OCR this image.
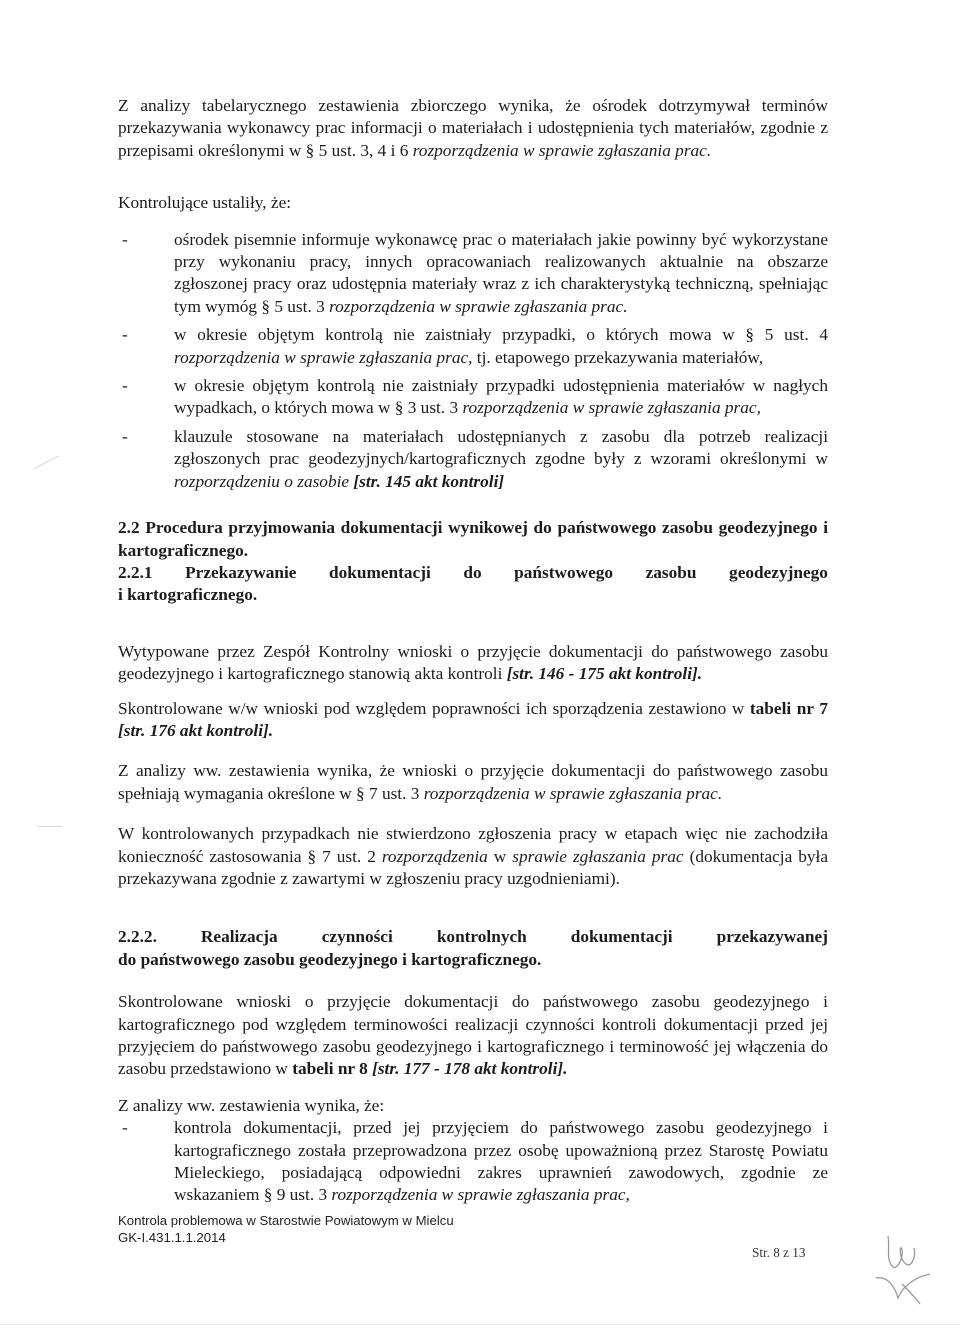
Z analizy tabelarycznego zestawienia zbiorczego wynika, że ośrodek dotrzymywał terminów przekazywania wykonawcy prac informacji o materiałach i udostępnienia tych materiałów, zgodnie z przepisami określonymi w § 5 ust. 3, 4 i 6 rozporządzenia w sprawie zgłaszania prac.

Kontrolujące ustaliły, że:

- ośrodek pisemnie informuje wykonawcę prac o materiałach jakie powinny być wykorzystane przy wykonaniu pracy, innych opracowaniach realizowanych aktualnie na obszarze zgłoszonej pracy oraz udostępnia materiały wraz z ich charakterystyką techniczną, spełniając tym wymóg § 5 ust. 3 rozporządzenia w sprawie zgłaszania prac.
- w okresie objętym kontrolą nie zaistniały przypadki, o których mowa w § 5 ust. 4 rozporządzenia w sprawie zgłaszania prac, tj. etapowego przekazywania materiałów,
- w okresie objętym kontrolą nie zaistniały przypadki udostępnienia materiałów w nagłych wypadkach, o których mowa w § 3 ust. 3 rozporządzenia w sprawie zgłaszania prac,
- klauzule stosowane na materiałach udostępnianych z zasobu dla potrzeb realizacji zgłoszonych prac geodezyjnych/kartograficznych zgodne były z wzorami określonymi w rozporządzeniu o zasobie [str. 145 akt kontroli]
2.2 Procedura przyjmowania dokumentacji wynikowej do państwowego zasobu geodezyjnego i kartograficznego.
2.2.1 Przekazywanie dokumentacji do państwowego zasobu geodezyjnego
i kartograficznego.

Wytypowane przez Zespół Kontrolny wnioski o przyjęcie dokumentacji do państwowego zasobu geodezyjnego i kartograficznego stanowią akta kontroli [str. 146 - 175 akt kontroli].

Skontrolowane w/w wnioski pod względem poprawności ich sporządzenia zestawiono w tabeli nr 7 [str. 176 akt kontroli].

Z analizy ww. zestawienia wynika, że wnioski o przyjęcie dokumentacji do państwowego zasobu spełniają wymagania określone w § 7 ust. 3 rozporządzenia w sprawie zgłaszania prac.

W kontrolowanych przypadkach nie stwierdzono zgłoszenia pracy w etapach więc nie zachodziła konieczność zastosowania § 7 ust. 2 rozporządzenia w sprawie zgłaszania prac (dokumentacja była przekazywana zgodnie z zawartymi w zgłoszeniu pracy uzgodnieniami).

2.2.2.	Realizacja	czynności	kontrolnych	dokumentacji	przekazywanej
do państwowego zasobu geodezyjnego i kartograficznego.

Skontrolowane wnioski o przyjęcie dokumentacji do państwowego zasobu geodezyjnego i kartograficznego pod względem terminowości realizacji czynności kontroli dokumentacji przed jej przyjęciem do państwowego zasobu geodezyjnego i kartograficznego i terminowość jej włączenia do zasobu przedstawiono w tabeli nr 8 [str. 177 - 178 akt kontroli].

Z analizy ww. zestawienia wynika, że:

- kontrola dokumentacji, przed jej przyjęciem do państwowego zasobu geodezyjnego i kartograficznego została przeprowadzona przez osobę upoważnioną przez Starostę Powiatu Mieleckiego, posiadającą odpowiedni zakres uprawnień zawodowych, zgodnie ze wskazaniem § 9 ust. 3 rozporządzenia w sprawie zgłaszania prac,
Kontrola problemowa w Starostwie Powiatowym w Mielcu
GK-I.431.1.1.2014
Str. 8 z 13
